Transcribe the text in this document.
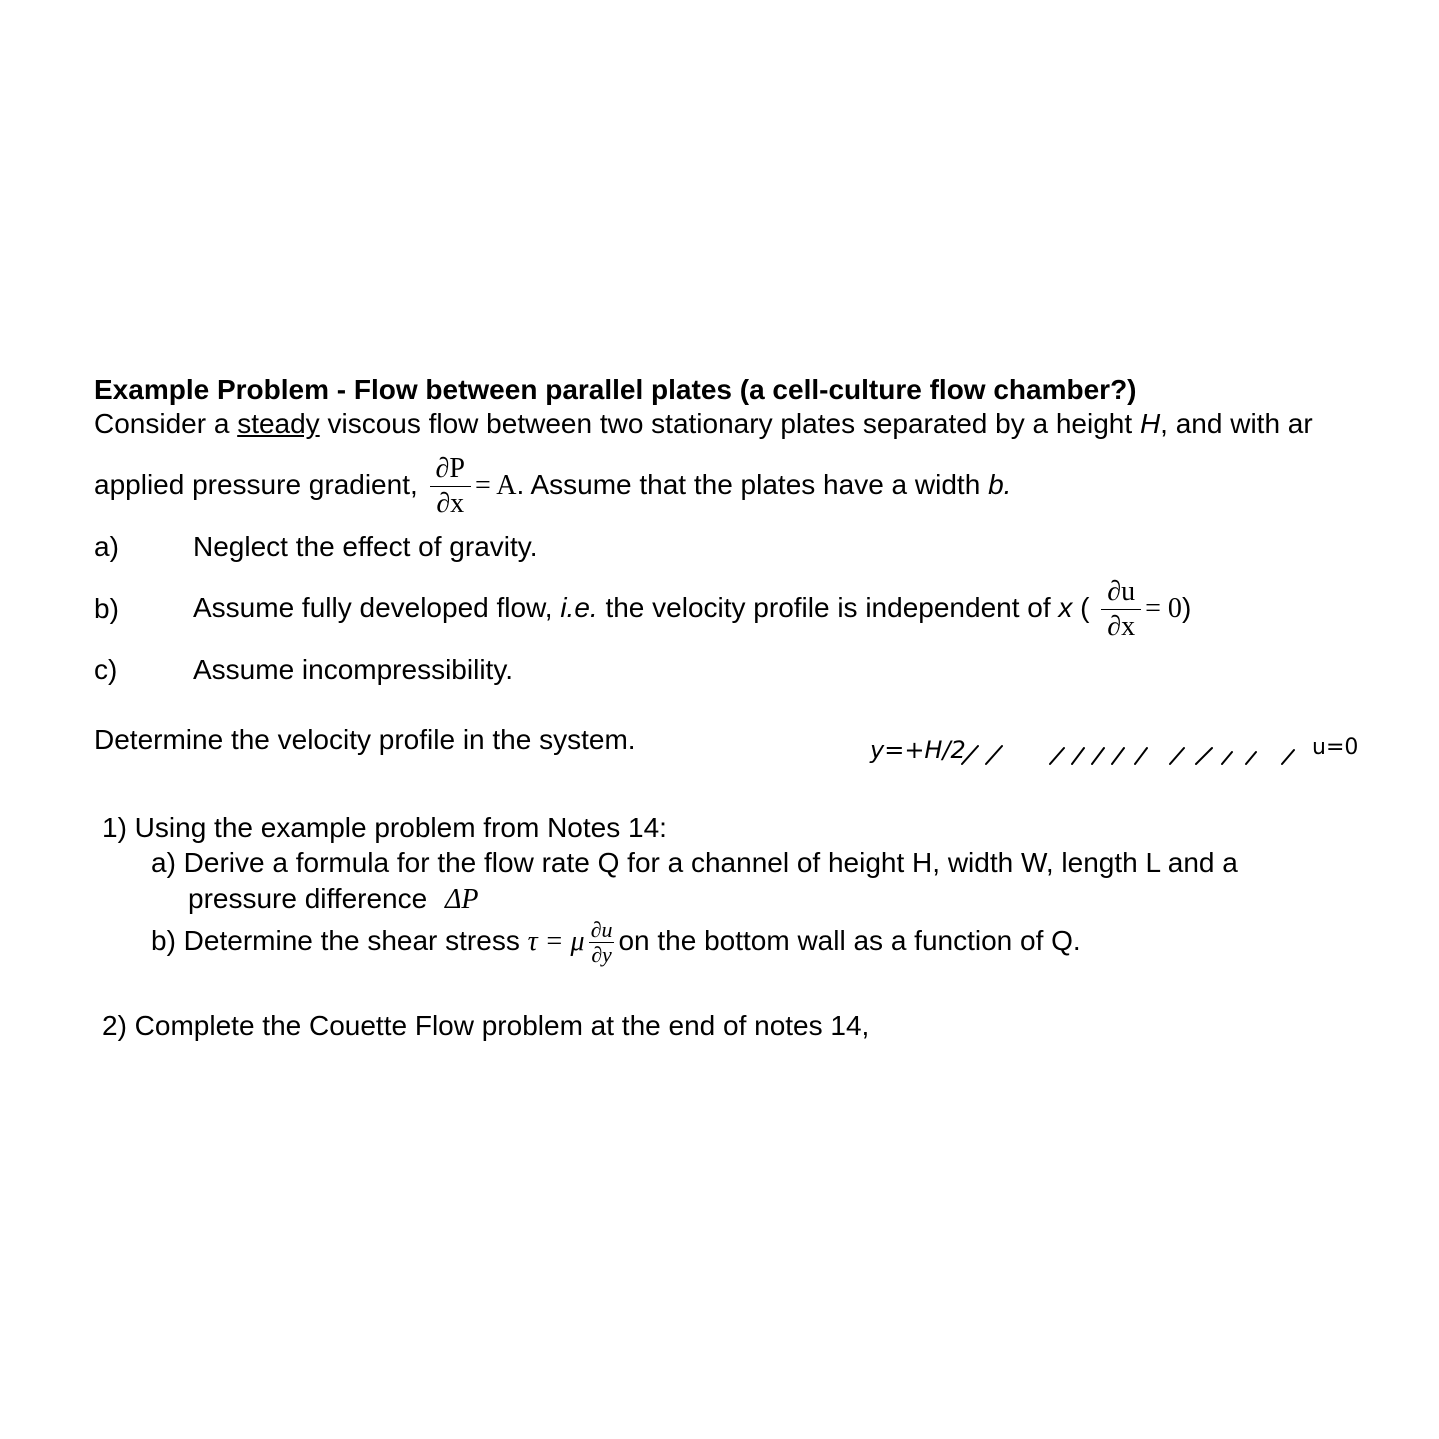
Example Problem - Flow between parallel plates (a cell-culture flow chamber?)
Consider a steady viscous flow between two stationary plates separated by a height H, and with ar
applied pressure gradient, $\frac{\partial P}{\partial x} = A$. Assume that the plates have a width b.
a)	Neglect the effect of gravity.
b)	Assume fully developed flow, i.e. the velocity profile is independent of x ( $\frac{\partial u}{\partial x} = 0$)
c)	Assume incompressibility.
Determine the velocity profile in the system.	y=+H/2	u=0
1) Using the example problem from Notes 14:
a) Derive a formula for the flow rate Q for a channel of height H, width W, length L and a
pressure difference ΔP
b) Determine the shear stress τ = μ $\frac{\partial u}{\partial y}$ on the bottom wall as a function of Q.
2) Complete the Couette Flow problem at the end of notes 14,
